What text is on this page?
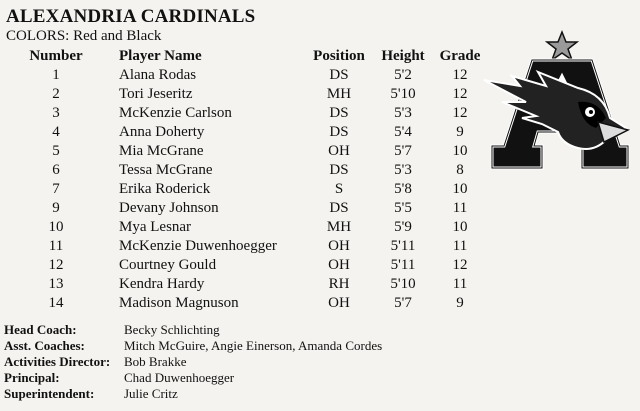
ALEXANDRIA CARDINALS
COLORS: Red and Black
Number	Player Name	Position	Height	Grade
1	Alana Rodas	DS	5'2	12
2	Tori Jeseritz	MH	5'10	12
3	McKenzie Carlson	DS	5'3	12
4	Anna Doherty	DS	5'4	9
5	Mia McGrane	OH	5'7	10
6	Tessa McGrane	DS	5'3	8
7	Erika Roderick	S	5'8	10
9	Devany Johnson	DS	5'5	11
10	Mya Lesnar	MH	5'9	10
11	McKenzie Duwenhoegger	OH	5'11	11
12	Courtney Gould	OH	5'11	12
13	Kendra Hardy	RH	5'10	11
14	Madison Magnuson	OH	5'7	9
Head Coach:	Becky Schlichting
Asst. Coaches:	Mitch McGuire, Angie Einerson, Amanda Cordes
Activities Director:	Bob Brakke
Principal:	Chad Duwenhoegger
Superintendent:	Julie Critz
